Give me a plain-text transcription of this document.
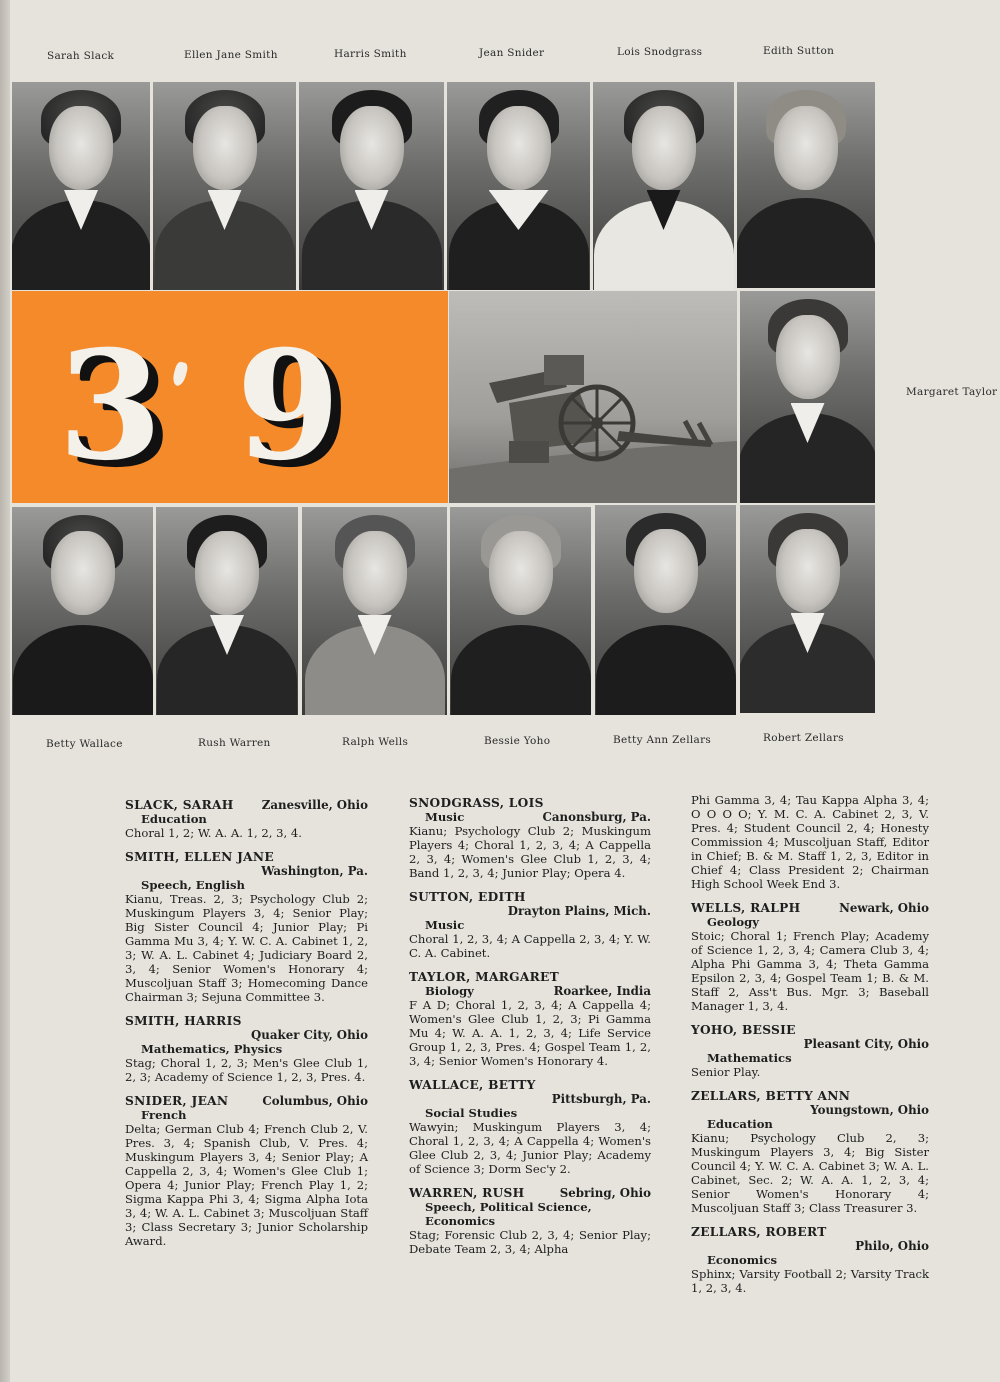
Sarah Slack	Ellen Jane Smith	Harris Smith	Jean Snider	Lois Snodgrass	Edith Sutton
3 9	Margaret Taylor
Betty Wallace	Rush Warren	Ralph Wells	Bessie Yoho	Betty Ann Zellars	Robert Zellars
SLACK, SARAH Zanesville, Ohio
Education
Choral 1, 2; W. A. A. 1, 2, 3, 4.
SMITH, ELLEN JANE
Washington, Pa.
Speech, English
Kianu, Treas. 2, 3; Psychology Club 2; Muskingum Players 3, 4; Senior Play; Big Sister Council 4; Junior Play; Pi Gamma Mu 3, 4; Y. W. C. A. Cabinet 1, 2, 3; W. A. L. Cabinet 4; Judiciary Board 2, 3, 4; Senior Women's Honorary 4; Muscoljuan Staff 3; Homecoming Dance Chairman 3; Sejuna Committee 3.
SMITH, HARRIS
Quaker City, Ohio
Mathematics, Physics
Stag; Choral 1, 2, 3; Men's Glee Club 1, 2, 3; Academy of Science 1, 2, 3, Pres. 4.
SNIDER, JEAN	Columbus, Ohio
French
Delta; German Club 4; French Club 2, V. Pres. 3, 4; Spanish Club, V. Pres. 4; Muskingum Players 3, 4; Senior Play; A Cappella 2, 3, 4; Women's Glee Club 1; Opera 4; Junior Play; French Play 1, 2; Sigma Kappa Phi 3, 4; Sigma Alpha Iota 3, 4; W. A. L. Cabinet 3; Muscoljuan Staff 3; Class Secretary 3; Junior Scholarship Award.
SNODGRASS, LOIS
Canonsburg, Pa.
Music
Kianu; Psychology Club 2; Muskingum Players 4; Choral 1, 2, 3, 4; A Cappella 2, 3, 4; Women's Glee Club 1, 2, 3, 4; Band 1, 2, 3, 4; Junior Play; Opera 4.
SUTTON, EDITH
Drayton Plains, Mich.
Music
Choral 1, 2, 3, 4; A Cappella 2, 3, 4; Y. W. C. A. Cabinet.
TAYLOR, MARGARET
Roarkee, India
Biology
F A D; Choral 1, 2, 3, 4; A Cappella 4; Women's Glee Club 1, 2, 3; Pi Gamma Mu 4; W. A. A. 1, 2, 3, 4; Life Service Group 1, 2, 3, Pres. 4; Gospel Team 1, 2, 3, 4; Senior Women's Honorary 4.
WALLACE, BETTY
Pittsburgh, Pa.
Social Studies
Wawyin; Muskingum Players 3, 4; Choral 1, 2, 3, 4; A Cappella 4; Women's Glee Club 2, 3, 4; Junior Play; Academy of Science 3; Dorm Sec'y 2.
WARREN, RUSH	Sebring, Ohio
Speech, Political Science, Economics
Stag; Forensic Club 2, 3, 4; Senior Play; Debate Team 2, 3, 4; Alpha
Phi Gamma 3, 4; Tau Kappa Alpha 3, 4; O O O O; Y. M. C. A. Cabinet 2, 3, V. Pres. 4; Student Council 2, 4; Honesty Commission 4; Muscoljuan Staff, Editor in Chief; B. & M. Staff 1, 2, 3, Editor in Chief 4; Class President 2; Chairman High School Week End 3.
WELLS, RALPH	Newark, Ohio
Geology
Stoic; Choral 1; French Play; Academy of Science 1, 2, 3, 4; Camera Club 3, 4; Alpha Phi Gamma 3, 4; Theta Gamma Epsilon 2, 3, 4; Gospel Team 1; B. & M. Staff 2, Ass't Bus. Mgr. 3; Baseball Manager 1, 3, 4.
YOHO, BESSIE
Pleasant City, Ohio
Mathematics
Senior Play.
ZELLARS, BETTY ANN
Youngstown, Ohio
Education
Kianu; Psychology Club 2, 3; Muskingum Players 3, 4; Big Sister Council 4; Y. W. C. A. Cabinet 3; W. A. L. Cabinet, Sec. 2; W. A. A. 1, 2, 3, 4; Senior Women's Honorary 4; Muscoljuan Staff 3; Class Treasurer 3.
ZELLARS, ROBERT
Philo, Ohio
Economics
Sphinx; Varsity Football 2; Varsity Track 1, 2, 3, 4.
